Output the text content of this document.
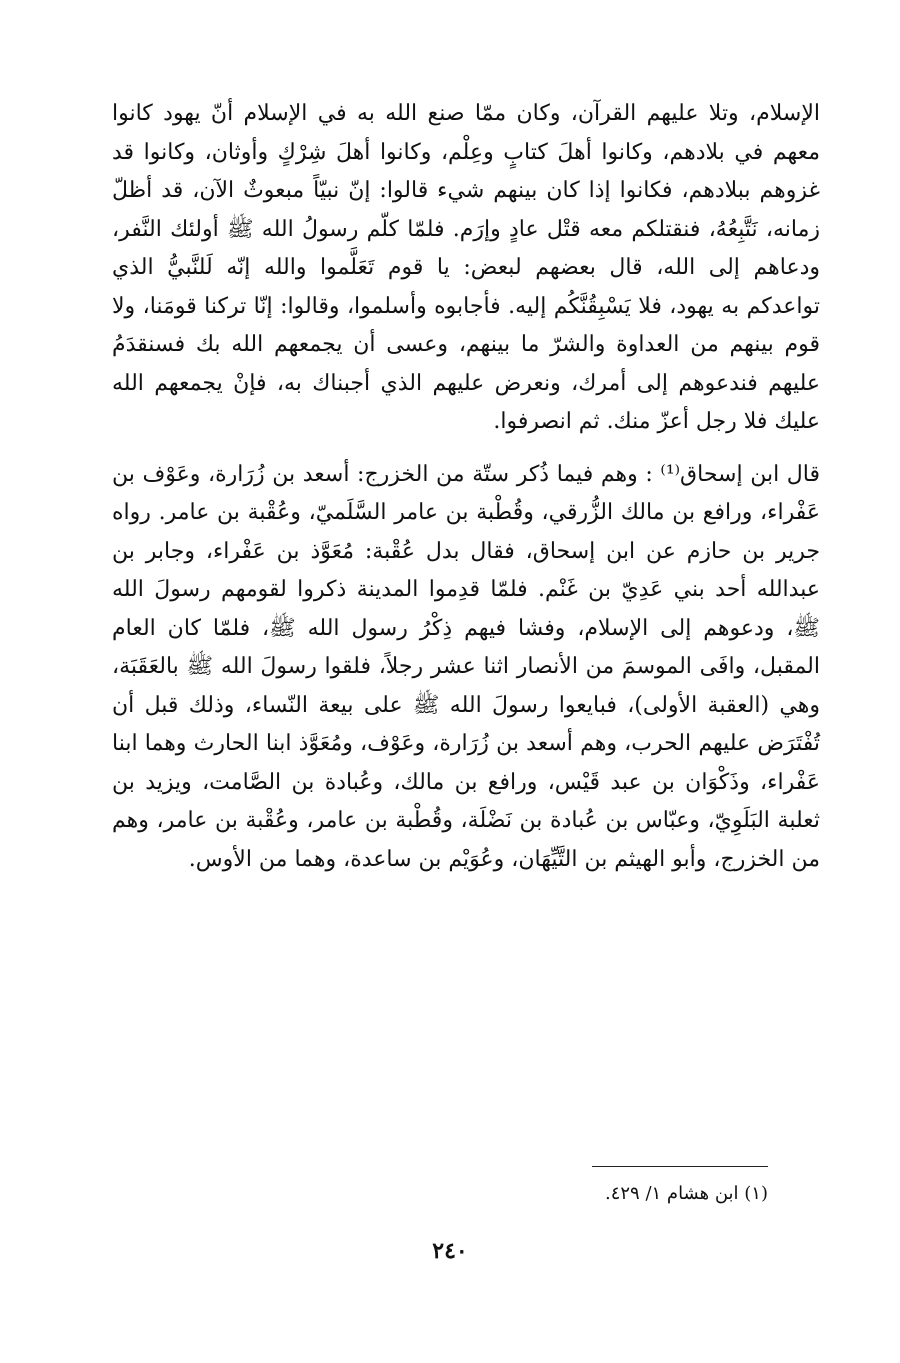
الإسلام، وتلا عليهم القرآن، وكان ممّا صنع الله به في الإسلام أنّ يهود كانوا معهم في بلادهم، وكانوا أهلَ كتابٍ وعِلْم، وكانوا أهلَ شِرْكٍ وأوثان، وكانوا قد غزوهم ببلادهم، فكانوا إذا كان بينهم شيء قالوا: إنّ نبيّاً مبعوثٌ الآن، قد أظلّ زمانه، نَتَّبِعُهُ، فنقتلكم معه قتْل عادٍ وإرَم. فلمّا كلّم رسولُ الله ﷺ أولئك النَّفر، ودعاهم إلى الله، قال بعضهم لبعض: يا قوم تَعَلَّموا والله إنّه لَلنَّبيُّ الذي تواعدكم به يهود، فلا يَسْبِقُنَّكُم إليه. فأجابوه وأسلموا، وقالوا: إنّا تركنا قومَنا، ولا قوم بينهم من العداوة والشرّ ما بينهم، وعسى أن يجمعهم الله بك فسنقدَمُ عليهم فندعوهم إلى أمرك، ونعرض عليهم الذي أجبناك به، فإنْ يجمعهم الله عليك فلا رجل أعزّ منك. ثم انصرفوا.

قال ابن إسحاق⁽¹⁾ : وهم فيما ذُكر ستّة من الخزرج: أسعد بن زُرَارة، وعَوْف بن عَفْراء، ورافع بن مالك الزُّرقي، وقُطْبة بن عامر السَّلَميّ، وعُقْبة بن عامر. رواه جرير بن حازم عن ابن إسحاق، فقال بدل عُقْبة: مُعَوَّذ بن عَفْراء، وجابر بن عبدالله أحد بني عَدِيّ بن غَنْم. فلمّا قدِموا المدينة ذكروا لقومهم رسولَ الله ﷺ، ودعوهم إلى الإسلام، وفشا فيهم ذِكْرُ رسول الله ﷺ، فلمّا كان العام المقبل، وافَى الموسمَ من الأنصار اثنا عشر رجلاً، فلقوا رسولَ الله ﷺ بالعَقَبَة، وهي (العقبة الأولى)، فبايعوا رسولَ الله ﷺ على بيعة النّساء، وذلك قبل أن تُفْتَرَض عليهم الحرب، وهم أسعد بن زُرَارة، وعَوْف، ومُعَوَّذ ابنا الحارث وهما ابنا عَفْراء، وذَكْوَان بن عبد قَيْس، ورافع بن مالك، وعُبادة بن الصَّامت، ويزيد بن ثعلبة البَلَوِيّ، وعبّاس بن عُبادة بن نَضْلَة، وقُطْبة بن عامر، وعُقْبة بن عامر، وهم من الخزرج، وأبو الهيثم بن التَّيِّهَان، وعُوَيْم بن ساعدة، وهما من الأوس.

(١) ابن هشام ١/ ٤٢٩.
٢٤٠
